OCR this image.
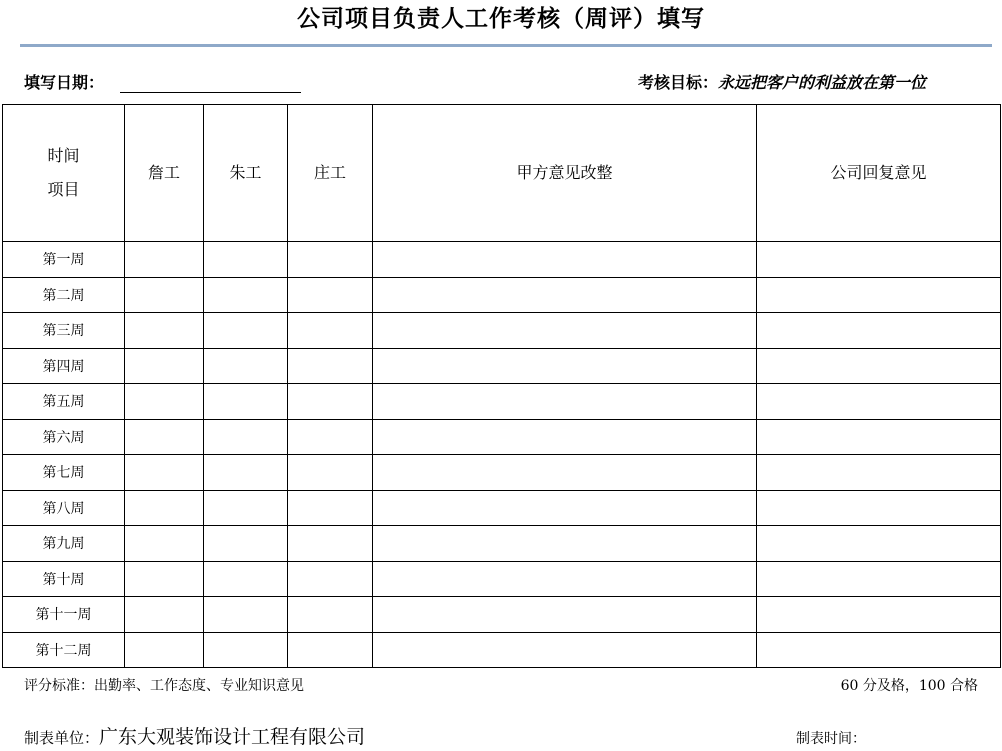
公司项目负责人工作考核（周评）填写
填写日期：	考核目标：永远把客户的利益放在第一位
时间
项目	詹工	朱工	庄工	甲方意见改整	公司回复意见
第一周					
第二周					
第三周					
第四周					
第五周					
第六周					
第七周					
第八周					
第九周					
第十周					
第十一周					
第十二周					
评分标准：出勤率、工作态度、专业知识意见	60 分及格，100 合格
制表单位：广东大观装饰设计工程有限公司	制表时间：
